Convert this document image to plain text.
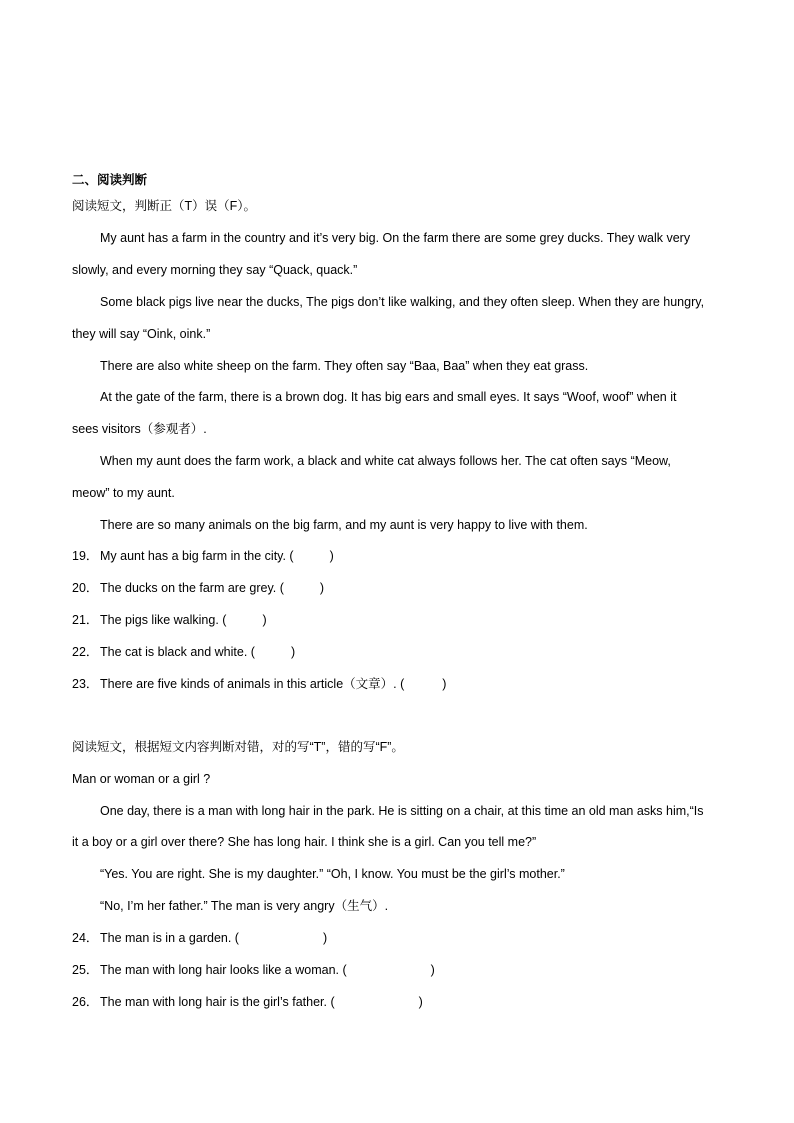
二、阅读判断
阅读短文，判断正（T）误（F）。
My aunt has a farm in the country and it’s very big. On the farm there are some grey ducks. They walk very
slowly, and every morning they say “Quack, quack.”
Some black pigs live near the ducks, The pigs don’t like walking, and they often sleep. When they are hungry,
they will say “Oink, oink.”
There are also white sheep on the farm. They often say “Baa, Baa” when they eat grass.
At the gate of the farm, there is a brown dog. It has big ears and small eyes. It says “Woof, woof” when it
sees visitors（参观者）.
When my aunt does the farm work, a black and white cat always follows her. The cat often says “Meow,
meow” to my aunt.
There are so many animals on the big farm, and my aunt is very happy to live with them.
19． My aunt has a big farm in the city. (	)
20． The ducks on the farm are grey. (	)
21． The pigs like walking. (	)
22． The cat is black and white. (	)
23． There are five kinds of animals in this article（文章）. (	)
阅读短文，根据短文内容判断对错，对的写“T”，错的写“F”。
Man or woman or a girl ?
One day, there is a man with long hair in the park. He is sitting on a chair, at this time an old man asks him,“Is
it a boy or a girl over there? She has long hair. I think she is a girl. Can you tell me?”
“Yes. You are right. She is my daughter.” “Oh, I know. You must be the girl’s mother.”
“No, I’m her father.” The man is very angry（生气）.
24． The man is in a garden. (	)
25． The man with long hair looks like a woman. (	)
26． The man with long hair is the girl’s father. (	)
